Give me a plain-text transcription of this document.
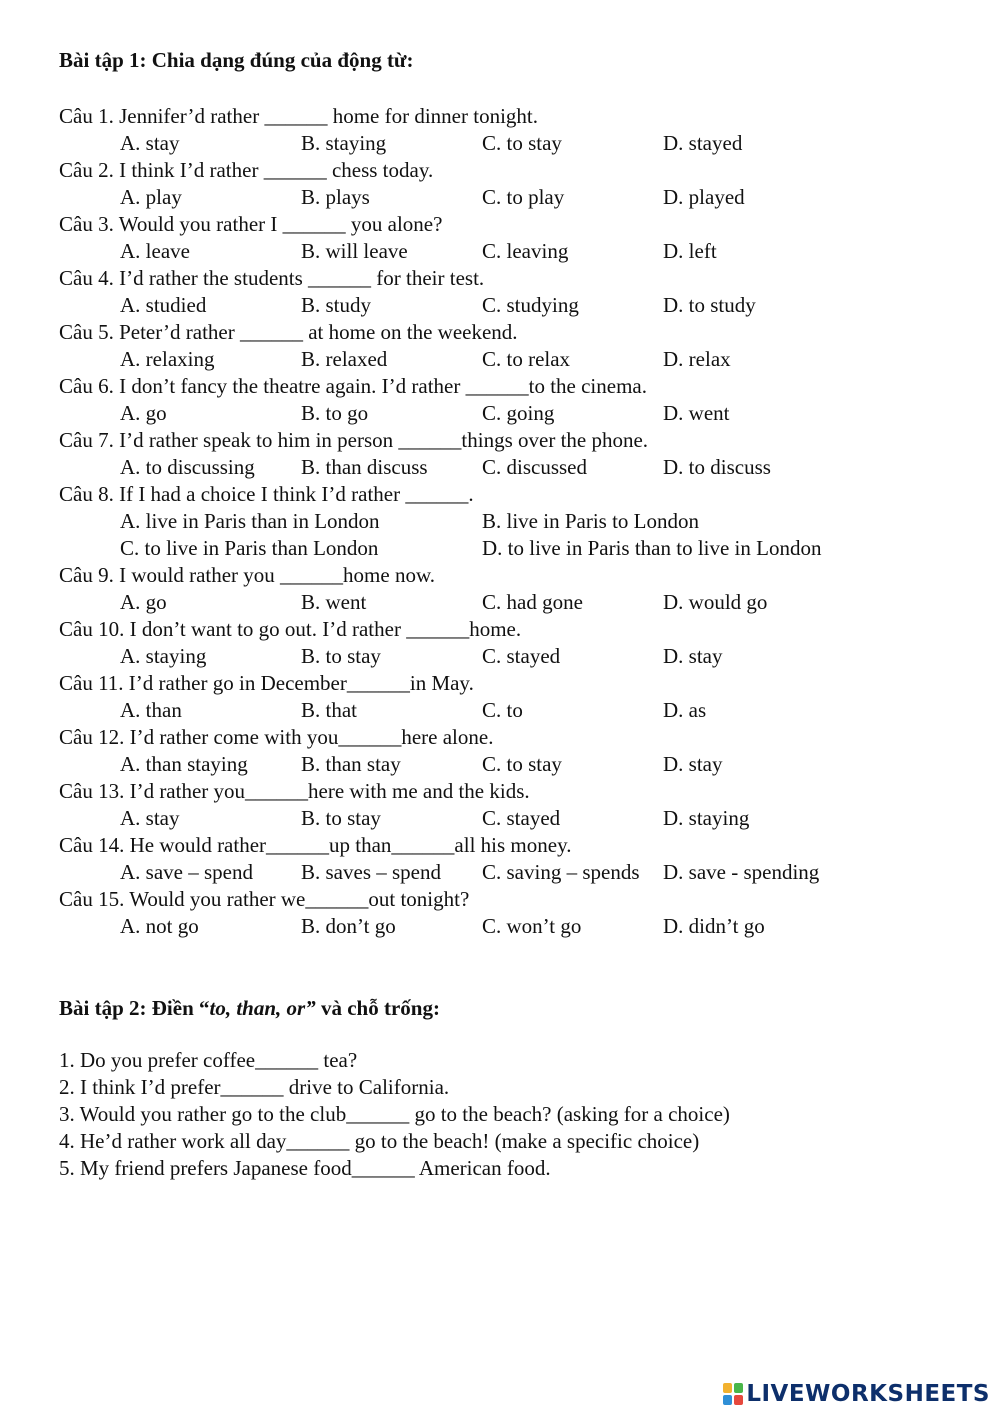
Bài tập 1: Chia dạng đúng của động từ:
Câu 1. Jennifer’d rather ______ home for dinner tonight.
A. stay	B. staying	C. to stay	D. stayed
Câu 2. I think I’d rather ______ chess today.
A. play	B. plays	C. to play	D. played
Câu 3. Would you rather I ______ you alone?
A. leave	B. will leave	C. leaving	D. left
Câu 4. I’d rather the students ______ for their test.
A. studied	B. study	C. studying	D. to study
Câu 5. Peter’d rather ______ at home on the weekend.
A. relaxing	B. relaxed	C. to relax	D. relax
Câu 6. I don’t fancy the theatre again. I’d rather ______to the cinema.
A. go	B. to go	C. going	D. went
Câu 7. I’d rather speak to him in person ______things over the phone.
A. to discussing B. than discuss	C. discussed	D. to discuss
Câu 8. If I had a choice I think I’d rather ______.
A. live in Paris than in London	B. live in Paris to London
C. to live in Paris than London	D. to live in Paris than to live in London
Câu 9. I would rather you ______home now.
A. go	B. went	C. had gone	D. would go
Câu 10. I don’t want to go out. I’d rather ______home.
A. staying	B. to stay	C. stayed	D. stay
Câu 11. I’d rather go in December______in May.
A. than	B. that	C. to	D. as
Câu 12. I’d rather come with you______here alone.
A. than staying	B. than stay	C. to stay	D. stay
Câu 13. I’d rather you______here with me and the kids.
A. stay	B. to stay	C. stayed	D. staying
Câu 14. He would rather______up than______all his money.
A. save – spend B. saves – spend C. saving – spends D. save - spending
Câu 15. Would you rather we______out tonight?
A. not go	B. don’t go	C. won’t go	D. didn’t go
Bài tập 2: Điền “to, than, or” và chỗ trống:
1. Do you prefer coffee______ tea?
2. I think I’d prefer______ drive to California.
3. Would you rather go to the club______ go to the beach? (asking for a choice)
4. He’d rather work all day______ go to the beach! (make a specific choice)
5. My friend prefers Japanese food______ American food.
LIVEWORKSHEETS
